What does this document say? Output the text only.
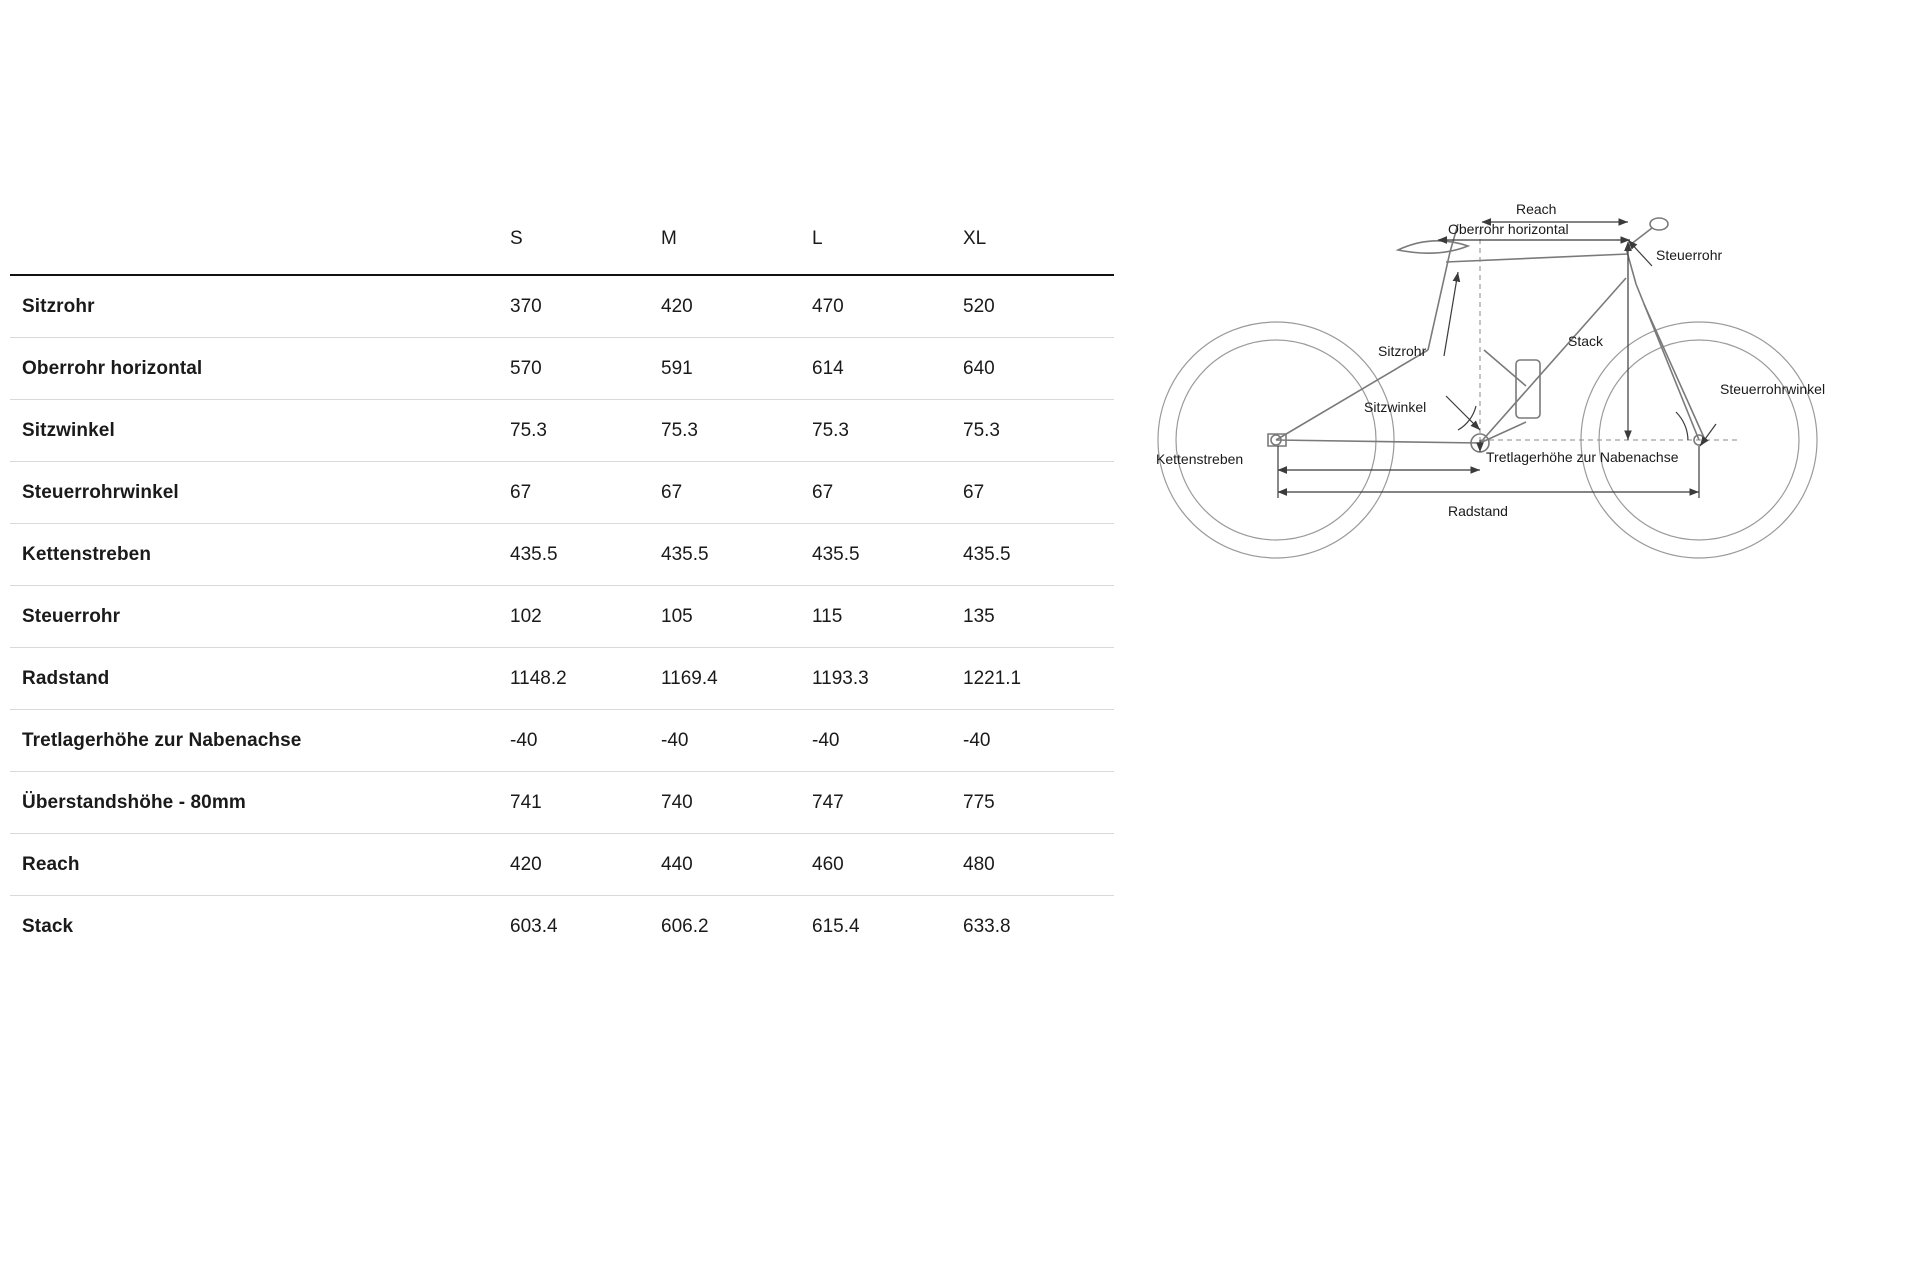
	S	M	L	XL
Sitzrohr	370	420	470	520
Oberrohr horizontal	570	591	614	640
Sitzwinkel	75.3	75.3	75.3	75.3
Steuerrohrwinkel	67	67	67	67
Kettenstreben	435.5	435.5	435.5	435.5
Steuerrohr	102	105	115	135
Radstand	1148.2	1169.4	1193.3	1221.1
Tretlagerhöhe zur Nabenachse	-40	-40	-40	-40
Überstandshöhe - 80mm	741	740	747	775
Reach	420	440	460	480
Stack	603.4	606.2	615.4	633.8
Reach
Oberrohr horizontal
Steuerrohr
Stack
Sitzrohr
Sitzwinkel
Steuerrohrwinkel
Tretlagerhöhe zur Nabenachse
Kettenstreben
Radstand
